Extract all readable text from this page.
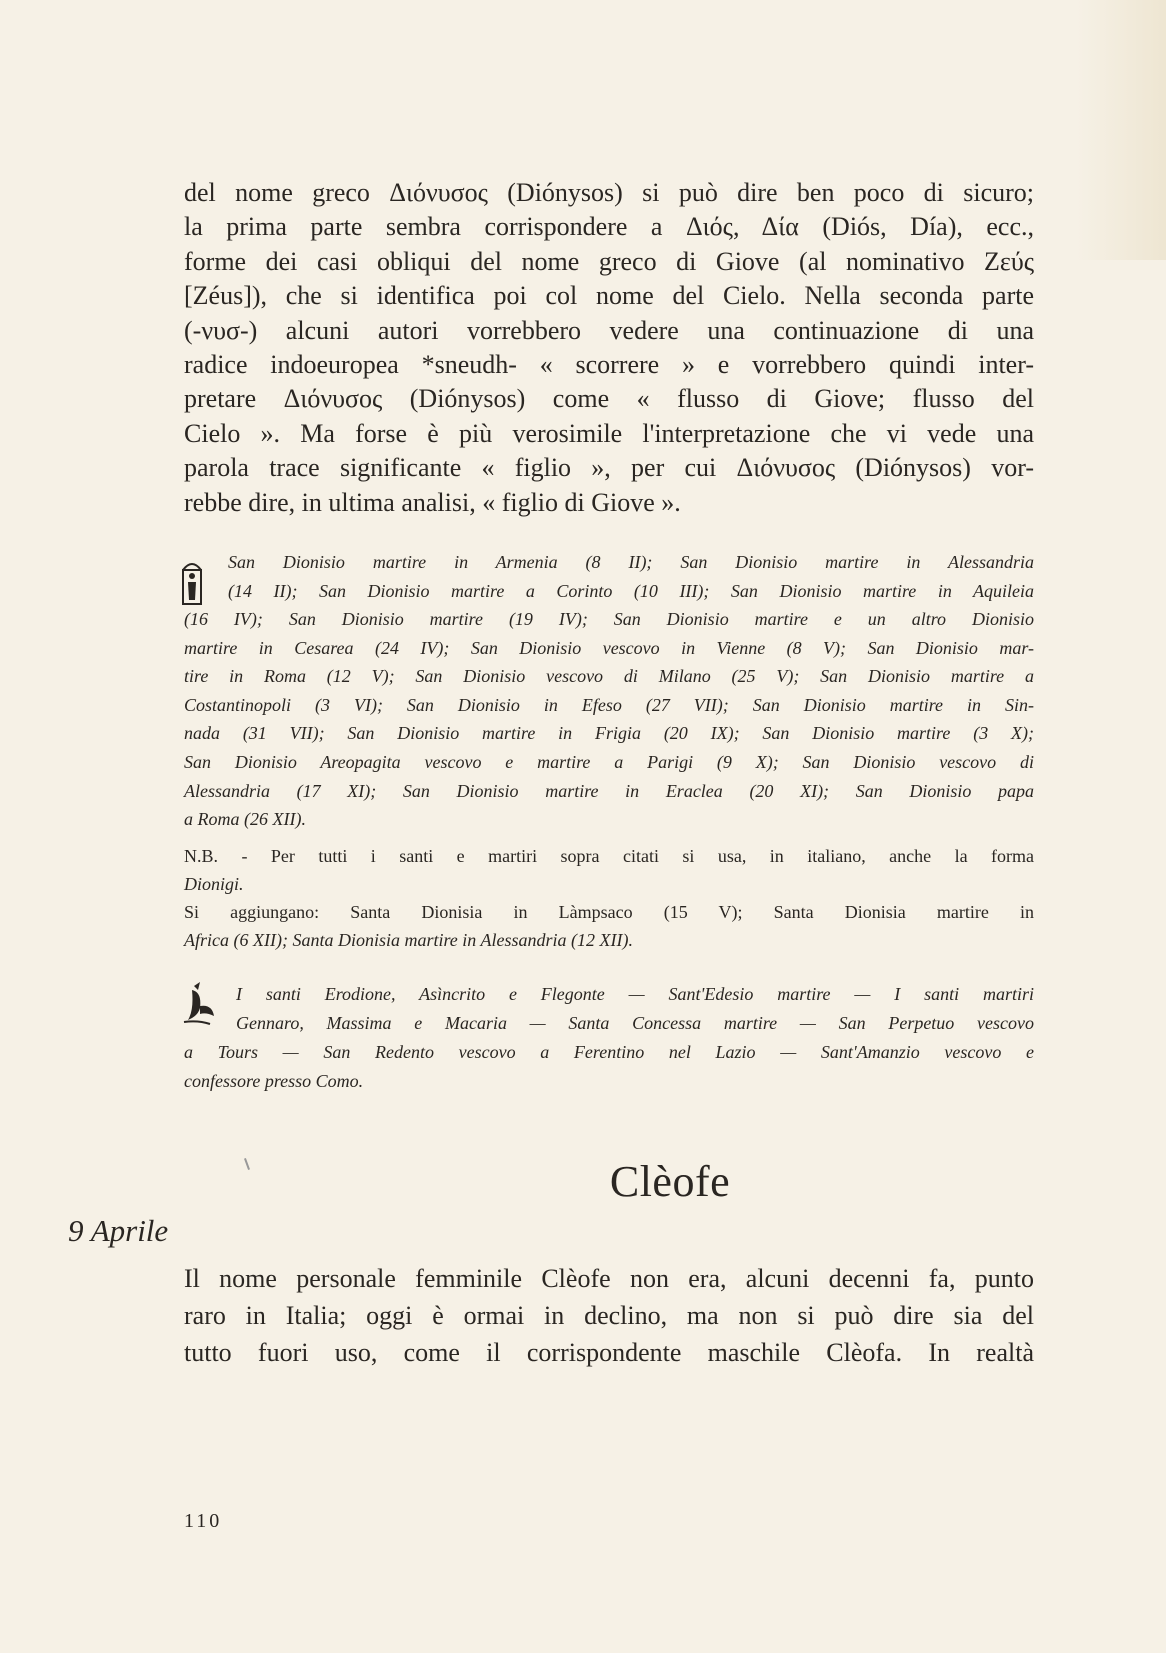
del nome greco Διόνυσος (Diónysos) si può dire ben poco di sicuro;
la prima parte sembra corrispondere a Διός, Δία (Diós, Día), ecc.,
forme dei casi obliqui del nome greco di Giove (al nominativo Ζεύς
[Zéus]), che si identifica poi col nome del Cielo. Nella seconda parte
(-νυσ-) alcuni autori vorrebbero vedere una continuazione di una
radice indoeuropea *sneudh- « scorrere » e vorrebbero quindi inter-
pretare Διόνυσος (Diónysos) come « flusso di Giove; flusso del
Cielo ». Ma forse è più verosimile l'interpretazione che vi vede una
parola trace significante « figlio », per cui Διόνυσος (Diónysos) vor-
rebbe dire, in ultima analisi, « figlio di Giove ».

San Dionisio martire in Armenia (8 II); San Dionisio martire in Alessandria
(14 II); San Dionisio martire a Corinto (10 III); San Dionisio martire in Aquileia

(16 IV); San Dionisio martire (19 IV); San Dionisio martire e un altro Dionisio
martire in Cesarea (24 IV); San Dionisio vescovo in Vienne (8 V); San Dionisio mar-
tire in Roma (12 V); San Dionisio vescovo di Milano (25 V); San Dionisio martire a
Costantinopoli (3 VI); San Dionisio in Efeso (27 VII); San Dionisio martire in Sin-
nada (31 VII); San Dionisio martire in Frigia (20 IX); San Dionisio martire (3 X);
San Dionisio Areopagita vescovo e martire a Parigi (9 X); San Dionisio vescovo di
Alessandria (17 XI); San Dionisio martire in Eraclea (20 XI); San Dionisio papa
a Roma (26 XII).

N.B. - Per tutti i santi e martiri sopra citati si usa, in italiano, anche la forma
Dionigi.
Si aggiungano: Santa Dionisia in Làmpsaco (15 V); Santa Dionisia martire in
Africa (6 XII); Santa Dionisia martire in Alessandria (12 XII).

I santi Erodione, Asìncrito e Flegonte — Sant'Edesio martire — I santi martiri
Gennaro, Massima e Macaria — Santa Concessa martire — San Perpetuo vescovo

a Tours — San Redento vescovo a Ferentino nel Lazio — Sant'Amanzio vescovo e
confessore presso Como.

Clèofe
9 Aprile

Il nome personale femminile Clèofe non era, alcuni decenni fa, punto
raro in Italia; oggi è ormai in declino, ma non si può dire sia del
tutto fuori uso, come il corrispondente maschile Clèofa. In realtà

110
